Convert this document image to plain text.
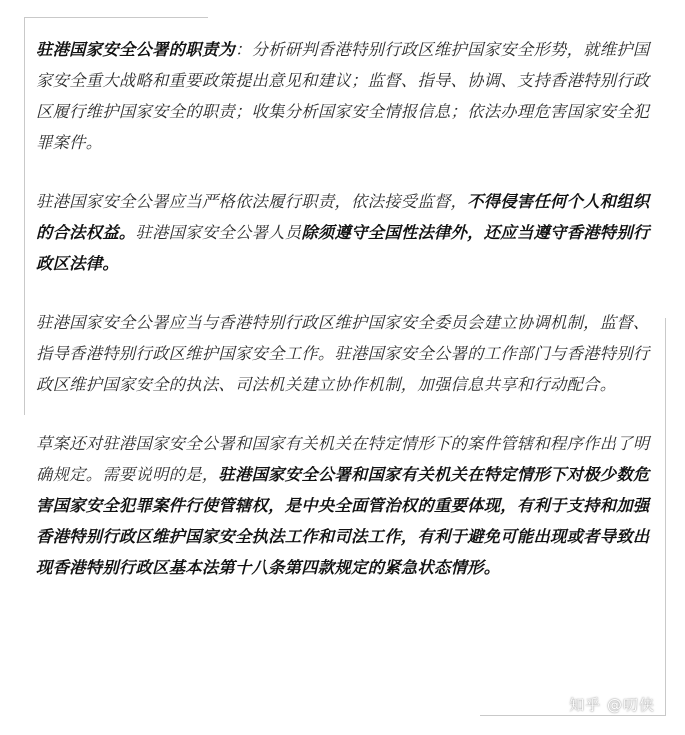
驻港国家安全公署的职责为：分析研判香港特别行政区维护国家安全形势，就维护国家安全重大战略和重要政策提出意见和建议；监督、指导、协调、支持香港特别行政区履行维护国家安全的职责；收集分析国家安全情报信息；依法办理危害国家安全犯罪案件。

驻港国家安全公署应当严格依法履行职责，依法接受监督，不得侵害任何个人和组织的合法权益。驻港国家安全公署人员除须遵守全国性法律外，还应当遵守香港特别行政区法律。

驻港国家安全公署应当与香港特别行政区维护国家安全委员会建立协调机制，监督、指导香港特别行政区维护国家安全工作。驻港国家安全公署的工作部门与香港特别行政区维护国家安全的执法、司法机关建立协作机制，加强信息共享和行动配合。

草案还对驻港国家安全公署和国家有关机关在特定情形下的案件管辖和程序作出了明确规定。需要说明的是，驻港国家安全公署和国家有关机关在特定情形下对极少数危害国家安全犯罪案件行使管辖权，是中央全面管治权的重要体现，有利于支持和加强香港特别行政区维护国家安全执法工作和司法工作，有利于避免可能出现或者导致出现香港特别行政区基本法第十八条第四款规定的紧急状态情形。

知乎 @叨侠
